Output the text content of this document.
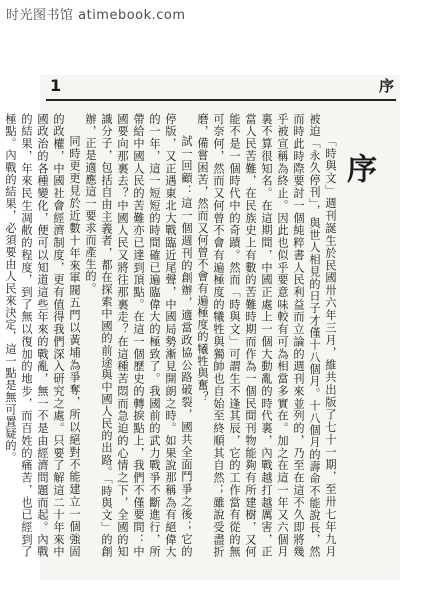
时光图书馆 atimebook.com
1	序
序

「時與文」週刊誕生於民國卅六年三月，維共出版了七十一期，至卅七年九月被迫「永久停刊」，與世人相見的日子才僅十八個月。十八個月的壽命不能說長，然而時此時際要討一個純粹書人民利益而立論的週刊來並列的，乃至在這不久即將幾乎被宣稱為終止。因此也似乎要意味較有可為相當多實在。加之在這一年又六個月裏不算很知名。在這期間，中國正處上一個大動亂的時代裏，內戰越打越厲害，正當人民苦難，在民族史上有數的苦難時期而作為一個民間刊物能夠有所建樹，又何能不是一個時代中的奇蹟。然而「時與文」可謂生不逢其辰，它的工作當有從的無可奈何，然而又何曾不會有遍極度的犧牲與獨帥也自始至終順其自然；雖說受盡折磨，備嘗困苦，然而又何曾不會有遍極度的犧牲與奮？

試一回顧：這一個週刊的創辦，適當政協公路破裂，國共全面鬥爭之後；它的停版，又正遇東北大戰臨近尾聲，中國局勢漸見開朗之時。如果說那稱為有絕偉大的一年，這一短短的時間確已遍臨偉大的極致了。我國前的武力戰爭不斷進行，所帶給中國人民的苦難亦已達到頂點。在這一個歷史的轉捩點上，我們不僅要問：中國要向那裏去？中國人民又將往那裏走？在這種苦悶而急迫的心情之下，全國的知識分子，包括自由主義者，都在探索中國的前途與中國人民的出路。「時與文」的創辦，正是適應這一要求而產生的。

同時更更見於近數十年來軍閥五門以黃埔為爭奪，所以絕對不能建立一個強固的政權，中國社會經濟制度，更有值得我們深入研究之處。只要了解這二十年來中國政治的各種變化，便可以知道這些年來的戰亂，無一不是由經濟問題而起。內戰的結果，年來民生凋敝的程度，到了無以復加的地步，而百姓的痛苦，也已經到了極點。內戰的結果，必須要由人民來決定，這一點是無可置疑的。
